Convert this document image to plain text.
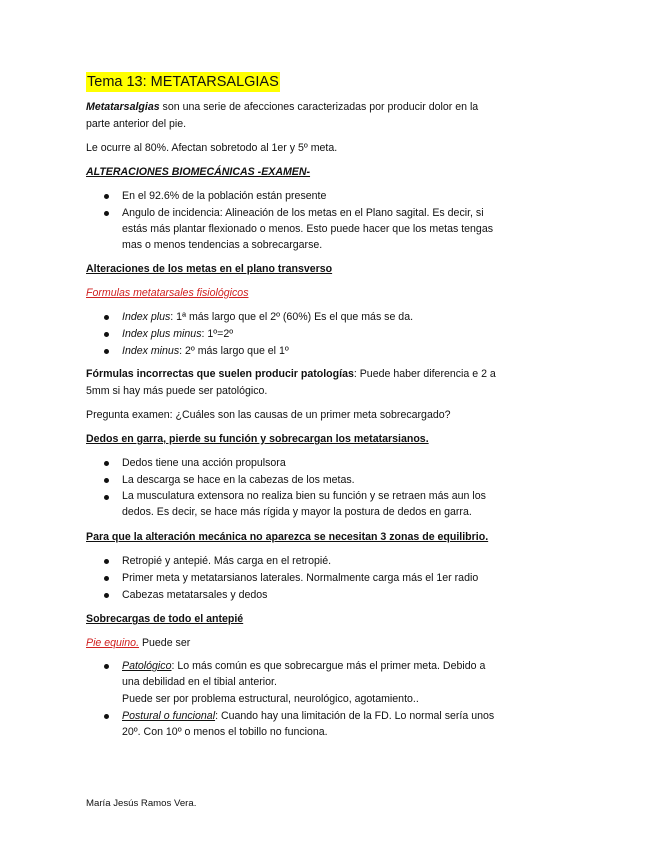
Tema 13: METATARSALGIAS
Metatarsalgias son una serie de afecciones caracterizadas por producir dolor en la
parte anterior del pie.
Le ocurre al 80%. Afectan sobretodo al 1er y 5º meta.
ALTERACIONES BIOMECÁNICAS -EXAMEN-
En el 92.6% de la población están presente
Angulo de incidencia: Alineación de los metas en el Plano sagital. Es decir, si
estás más plantar flexionado o menos. Esto puede hacer que los metas tengas
mas o menos tendencias a sobrecargarse.
Alteraciones de los metas en el plano transverso
Formulas metatarsales fisiológicos
Index plus: 1ª más largo que el 2º (60%) Es el que más se da.
Index plus minus: 1º=2º
Index minus: 2º más largo que el 1º
Fórmulas incorrectas que suelen producir patologías: Puede haber diferencia e 2 a
5mm si hay más puede ser patológico.
Pregunta examen: ¿Cuáles son las causas de un primer meta sobrecargado?
Dedos en garra, pierde su función y sobrecargan los metatarsianos.
Dedos tiene una acción propulsora
La descarga se hace en la cabezas de los metas.
La musculatura extensora no realiza bien su función y se retraen más aun los
dedos. Es decir, se hace más rígida y mayor la postura de dedos en garra.
Para que la alteración mecánica no aparezca se necesitan 3 zonas de equilibrio.
Retropié y antepié. Más carga en el retropié.
Primer meta y metatarsianos laterales. Normalmente carga más el 1er radio
Cabezas metatarsales y dedos
Sobrecargas de todo el antepié
Pie equino. Puede ser
Patológico: Lo más común es que sobrecargue más el primer meta. Debido a
una debilidad en el tibial anterior.
Puede ser por problema estructural, neurológico, agotamiento..
Postural o funcional: Cuando hay una limitación de la FD. Lo normal sería unos
20º. Con 10º o menos el tobillo no funciona.
María Jesús Ramos Vera.
